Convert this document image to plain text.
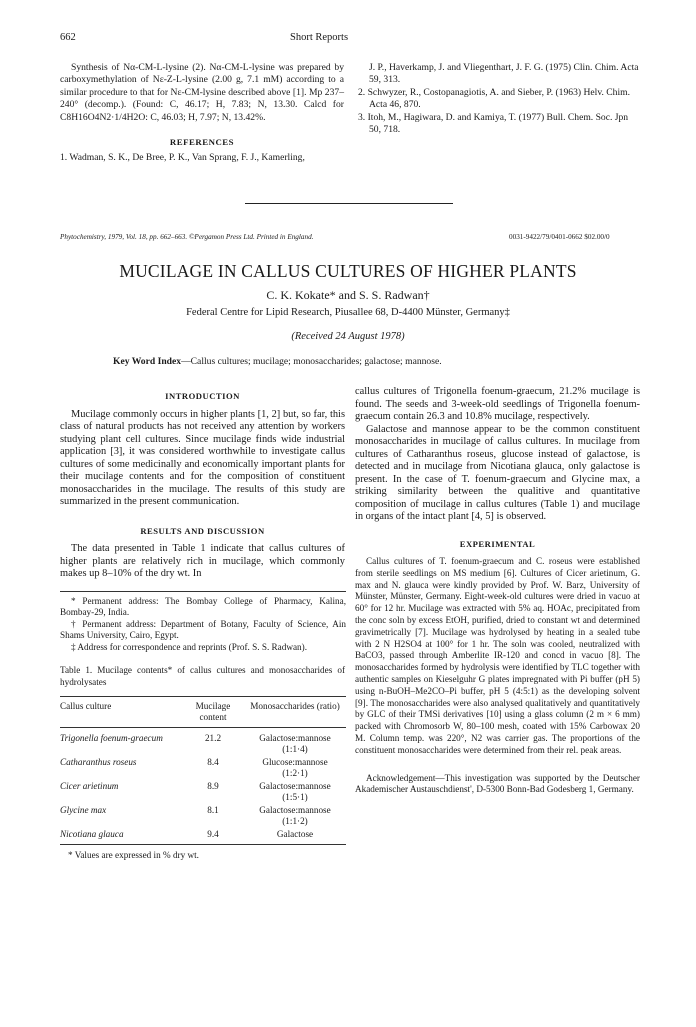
662	Short Reports

Synthesis of Nα-CM-L-lysine (2). Nα-CM-L-lysine was prepared by carboxymethylation of Nε-Z-L-lysine (2.00 g, 7.1 mM) according to a similar procedure to that for Nε-CM-lysine described above [1]. Mp 237–240° (decomp.). (Found: C, 46.17; H, 7.83; N, 13.30. Calcd for C8H16O4N2·1/4H2O: C, 46.03; H, 7.97; N, 13.42%.

REFERENCES

1. Wadman, S. K., De Bree, P. K., Van Sprang, F. J., Kamerling,

J. P., Haverkamp, J. and Vliegenthart, J. F. G. (1975) Clin. Chim. Acta 59, 313.

2. Schwyzer, R., Costopanagiotis, A. and Sieber, P. (1963) Helv. Chim. Acta 46, 870.

3. Itoh, M., Hagiwara, D. and Kamiya, T. (1977) Bull. Chem. Soc. Jpn 50, 718.

Phytochemistry, 1979, Vol. 18, pp. 662–663. ©Pergamon Press Ltd. Printed in England.	0031-9422/79/0401-0662 $02.00/0
MUCILAGE IN CALLUS CULTURES OF HIGHER PLANTS
C. K. Kokate* and S. S. Radwan†
Federal Centre for Lipid Research, Piusallee 68, D-4400 Münster, Germany‡
(Received 24 August 1978)
Key Word Index—Callus cultures; mucilage; monosaccharides; galactose; mannose.
INTRODUCTION

Mucilage commonly occurs in higher plants [1, 2] but, so far, this class of natural products has not received any attention by workers studying plant cell cultures. Since mucilage finds wide industrial application [3], it was considered worthwhile to investigate callus cultures of some medicinally and economically important plants for their mucilage contents and for the composition of constituent monosaccharides in the mucilage. The results of this study are summarized in the present communication.

RESULTS AND DISCUSSION

The data presented in Table 1 indicate that callus cultures of higher plants are relatively rich in mucilage, which commonly makes up 8–10% of the dry wt. In

* Permanent address: The Bombay College of Pharmacy, Kalina, Bombay-29, India.

† Permanent address: Department of Botany, Faculty of Science, Ain Shams University, Cairo, Egypt.

‡ Address for correspondence and reprints (Prof. S. S. Radwan).

Table 1. Mucilage contents* of callus cultures and monosaccharides of hydrolysates
Callus culture	Mucilage content	Monosaccharides (ratio)
Trigonella foenum-graecum	21.2	Galactose:mannose
(1:1·4)

Catharanthus roseus	8.4	Glucose:mannose
(1:2·1)

Cicer arietinum	8.9	Galactose:mannose
(1:5·1)

Glycine max	8.1	Galactose:mannose
(1:1·2)

Nicotiana glauca	9.4	Galactose
* Values are expressed in % dry wt.

callus cultures of Trigonella foenum-graecum, 21.2% mucilage is found. The seeds and 3-week-old seedlings of Trigonella foenum-graecum contain 26.3 and 10.8% mucilage, respectively.

Galactose and mannose appear to be the common constituent monosaccharides in mucilage of callus cultures. In mucilage from cultures of Catharanthus roseus, glucose instead of galactose, is detected and in mucilage from Nicotiana glauca, only galactose is present. In the case of T. foenum-graecum and Glycine max, a striking similarity between the qualitive and quantitative composition of mucilage in callus cultures (Table 1) and mucilage in organs of the intact plant [4, 5] is observed.

EXPERIMENTAL

Callus cultures of T. foenum-graecum and C. roseus were established from sterile seedlings on MS medium [6]. Cultures of Cicer arietinum, G. max and N. glauca were kindly provided by Prof. W. Barz, University of Münster, Münster, Germany. Eight-week-old cultures were dried in vacuo at 60° for 12 hr. Mucilage was extracted with 5% aq. HOAc, precipitated from the conc soln by excess EtOH, purified, dried to constant wt and determined gravimetrically [7]. Mucilage was hydrolysed by heating in a sealed tube with 2 N H2SO4 at 100° for 1 hr. The soln was cooled, neutralized with BaCO3, passed through Amberlite IR-120 and concd in vacuo [8]. The monosaccharides formed by hydrolysis were identified by TLC together with authentic samples on Kieselguhr G plates impregnated with Pi buffer (pH 5) using n-BuOH–Me2CO–Pi buffer, pH 5 (4:5:1) as the developing solvent [9]. The monosaccharides were also analysed qualitatively and quantitatively by GLC of their TMSi derivatives [10] using a glass column (2 m × 6 mm) packed with Chromosorb W, 80–100 mesh, coated with 15% Carbowax 20 M. Column temp. was 220°, N2 was carrier gas. The proportions of the constituent monosaccharides were determined from their rel. peak areas.

Acknowledgement—This investigation was supported by the Deutscher Akademischer Austauschdienst', D-5300 Bonn-Bad Godesberg 1, Germany.
